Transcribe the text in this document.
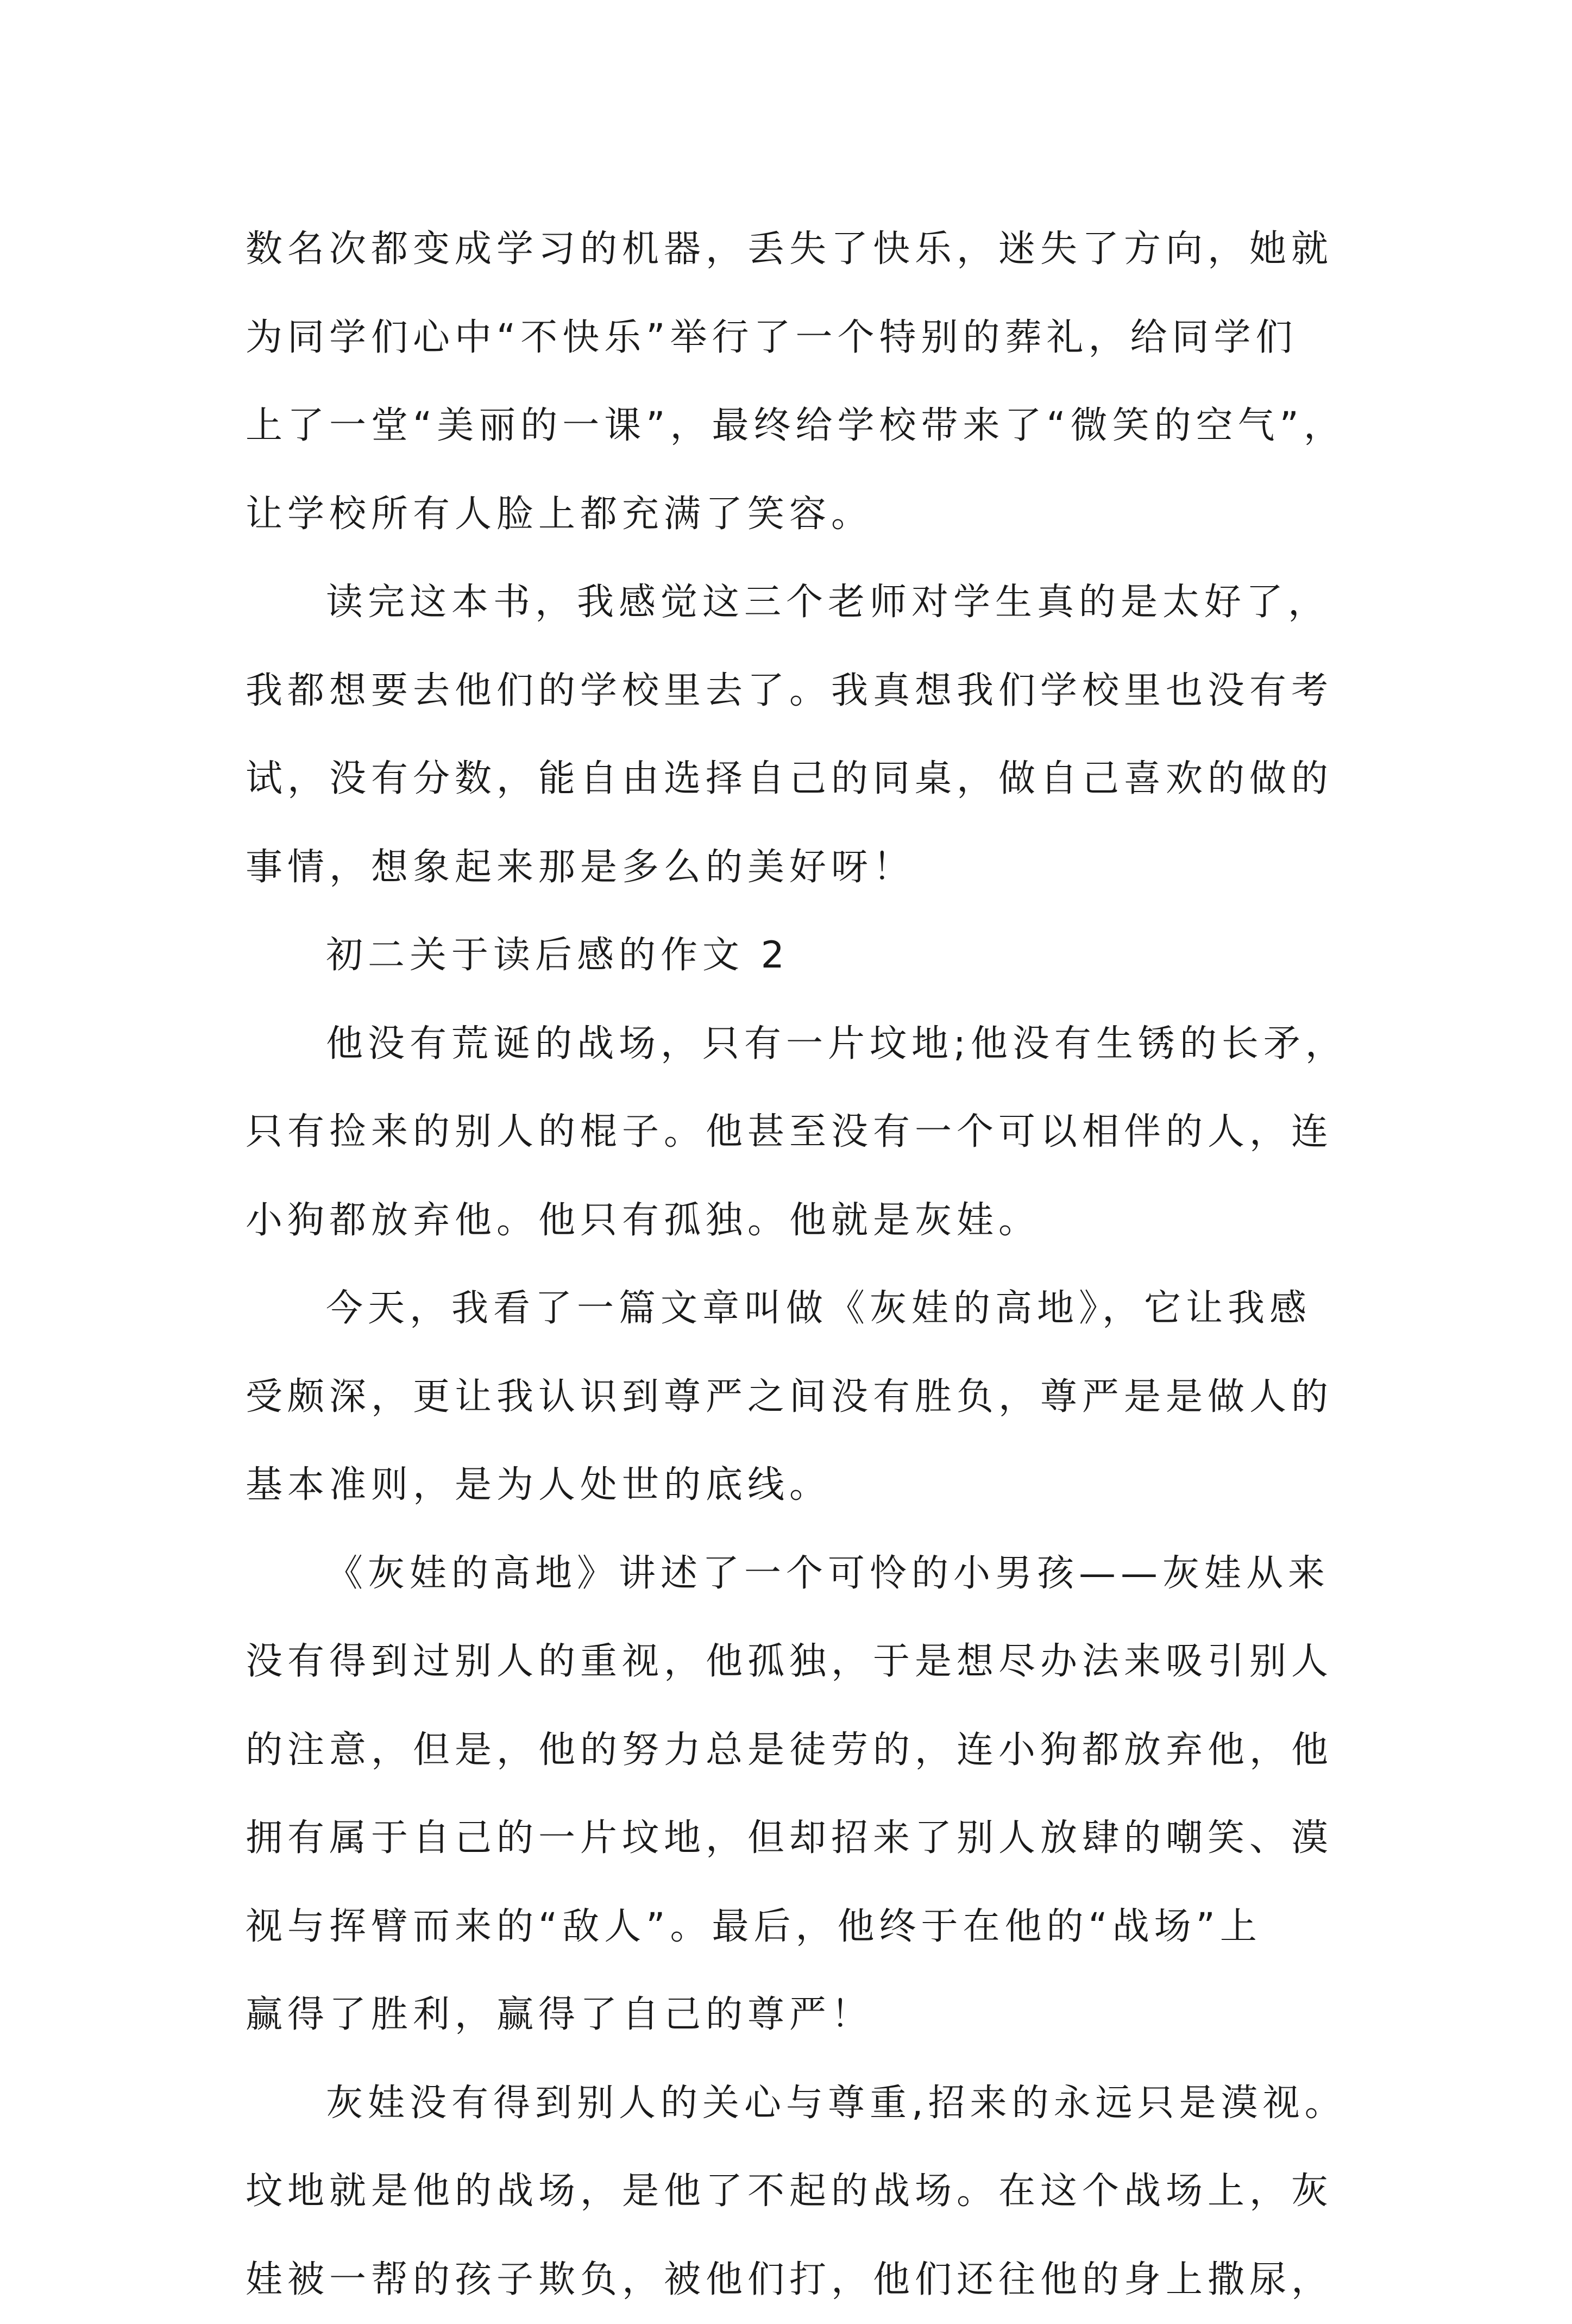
数名次都变成学习的机器，丢失了快乐，迷失了方向，她就
为同学们心中“不快乐”举行了一个特别的葬礼，给同学们
上了一堂“美丽的一课”，最终给学校带来了“微笑的空气”，
让学校所有人脸上都充满了笑容。
读完这本书，我感觉这三个老师对学生真的是太好了，
我都想要去他们的学校里去了。我真想我们学校里也没有考
试，没有分数，能自由选择自己的同桌，做自己喜欢的做的
事情，想象起来那是多么的美好呀！
初二关于读后感的作文 2
他没有荒诞的战场，只有一片坟地;他没有生锈的长矛，
只有捡来的别人的棍子。他甚至没有一个可以相伴的人，连
小狗都放弃他。他只有孤独。他就是灰娃。
今天，我看了一篇文章叫做《灰娃的高地》，它让我感
受颇深，更让我认识到尊严之间没有胜负，尊严是是做人的
基本准则，是为人处世的底线。
《灰娃的高地》讲述了一个可怜的小男孩——灰娃从来
没有得到过别人的重视，他孤独，于是想尽办法来吸引别人
的注意，但是，他的努力总是徒劳的，连小狗都放弃他，他
拥有属于自己的一片坟地，但却招来了别人放肆的嘲笑、漠
视与挥臂而来的“敌人”。最后，他终于在他的“战场”上
赢得了胜利，赢得了自己的尊严！
灰娃没有得到别人的关心与尊重,招来的永远只是漠视。
坟地就是他的战场，是他了不起的战场。在这个战场上，灰
娃被一帮的孩子欺负，被他们打，他们还往他的身上撒尿，
